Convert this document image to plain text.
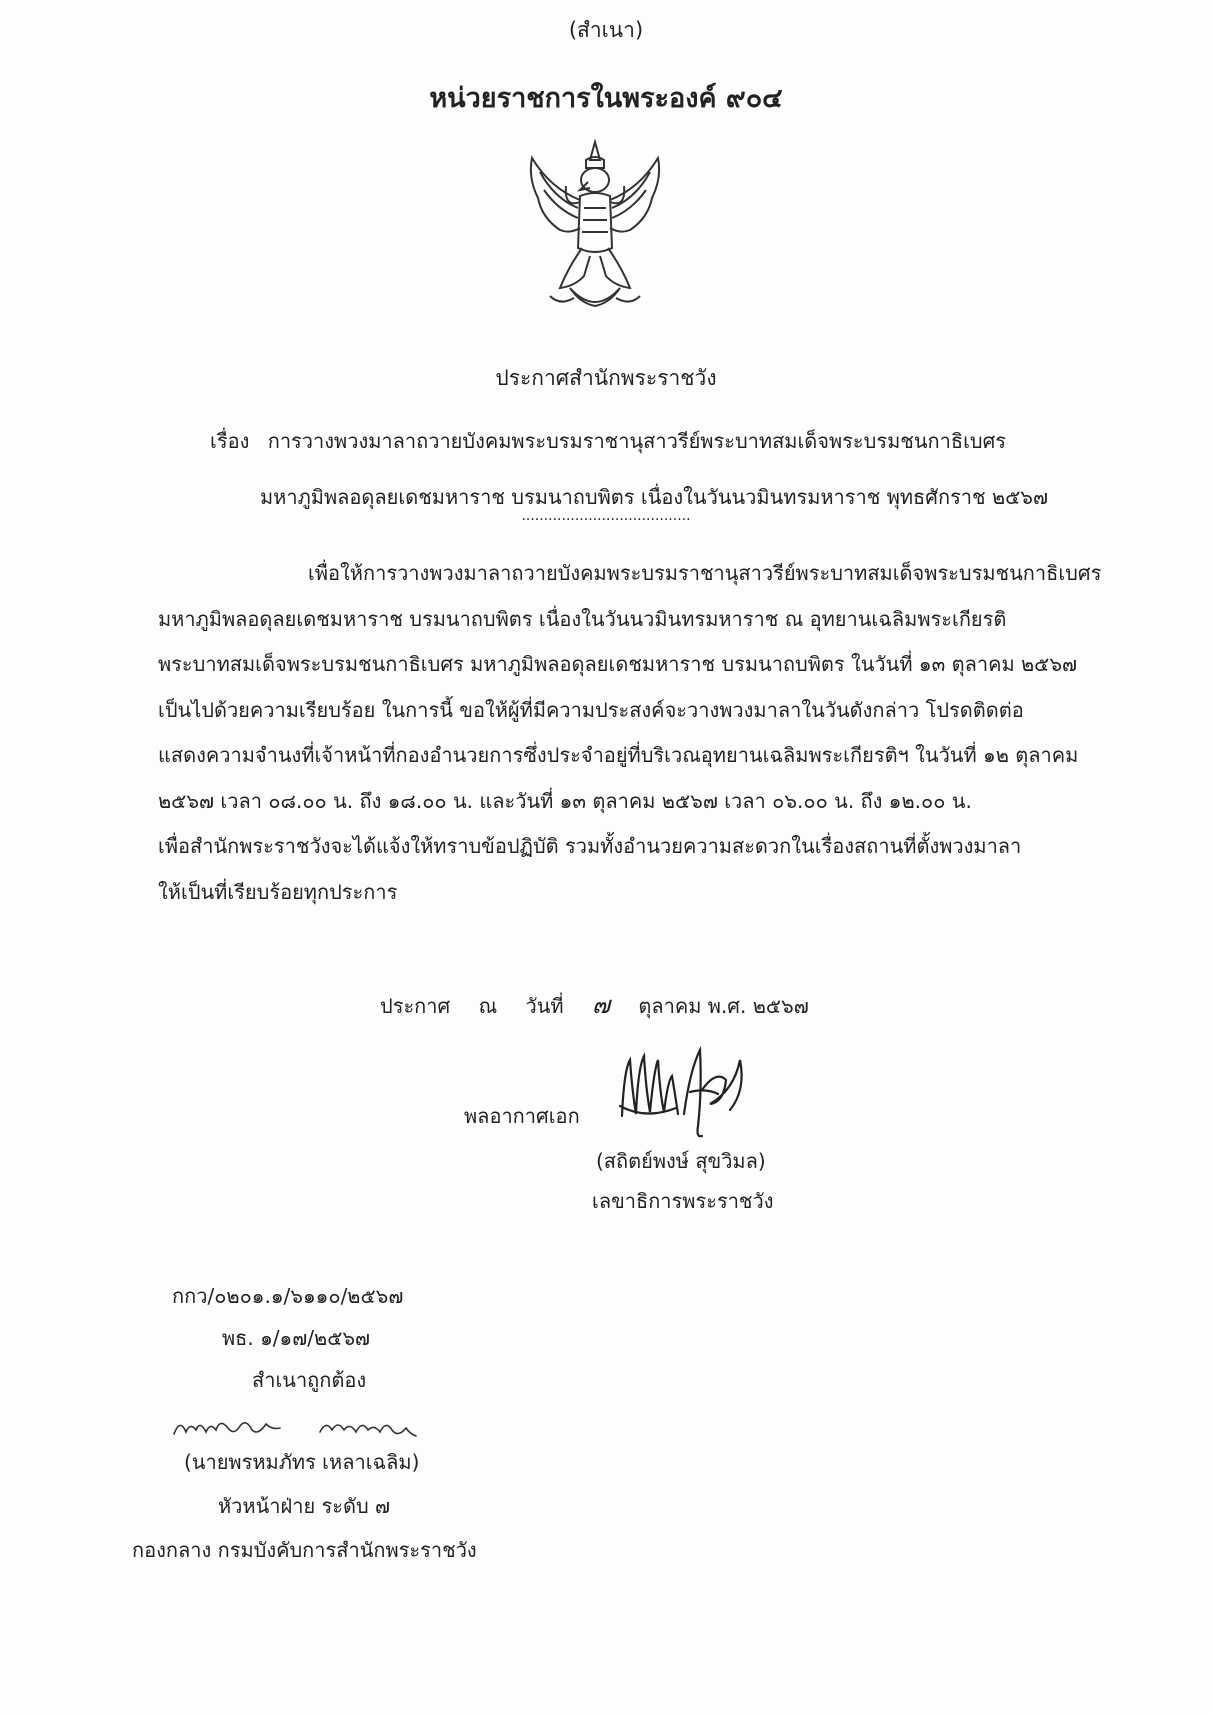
(สำเนา)
หน่วยราชการในพระองค์ ๙๐๔
ประกาศสำนักพระราชวัง
เรื่อง การวางพวงมาลาถวายบังคมพระบรมราชานุสาวรีย์พระบาทสมเด็จพระบรมชนกาธิเบศร
มหาภูมิพลอดุลยเดชมหาราช บรมนาถบพิตร เนื่องในวันนวมินทรมหาราช พุทธศักราช ๒๕๖๗
......................................
เพื่อให้การวางพวงมาลาถวายบังคมพระบรมราชานุสาวรีย์พระบาทสมเด็จพระบรมชนกาธิเบศร
มหาภูมิพลอดุลยเดชมหาราช บรมนาถบพิตร เนื่องในวันนวมินทรมหาราช ณ อุทยานเฉลิมพระเกียรติ
พระบาทสมเด็จพระบรมชนกาธิเบศร มหาภูมิพลอดุลยเดชมหาราช บรมนาถบพิตร ในวันที่ ๑๓ ตุลาคม ๒๕๖๗
เป็นไปด้วยความเรียบร้อย ในการนี้ ขอให้ผู้ที่มีความประสงค์จะวางพวงมาลาในวันดังกล่าว โปรดติดต่อ
แสดงความจำนงที่เจ้าหน้าที่กองอำนวยการซึ่งประจำอยู่ที่บริเวณอุทยานเฉลิมพระเกียรติฯ ในวันที่ ๑๒ ตุลาคม
๒๕๖๗ เวลา ๐๘.๐๐ น. ถึง ๑๘.๐๐ น. และวันที่ ๑๓ ตุลาคม ๒๕๖๗ เวลา ๐๖.๐๐ น. ถึง ๑๒.๐๐ น.
เพื่อสำนักพระราชวังจะได้แจ้งให้ทราบข้อปฏิบัติ รวมทั้งอำนวยความสะดวกในเรื่องสถานที่ตั้งพวงมาลา
ให้เป็นที่เรียบร้อยทุกประการ
ประกาศ ณ วันที่ ๗ ตุลาคม พ.ศ. ๒๕๖๗
พลอากาศเอก
(สถิตย์พงษ์ สุขวิมล)
เลขาธิการพระราชวัง
กกว/๐๒๐๑.๑/๖๑๑๐/๒๕๖๗
พธ. ๑/๑๗/๒๕๖๗
สำเนาถูกต้อง
(นายพรหมภัทร เหลาเฉลิม)
หัวหน้าฝ่าย ระดับ ๗
กองกลาง กรมบังคับการสำนักพระราชวัง
